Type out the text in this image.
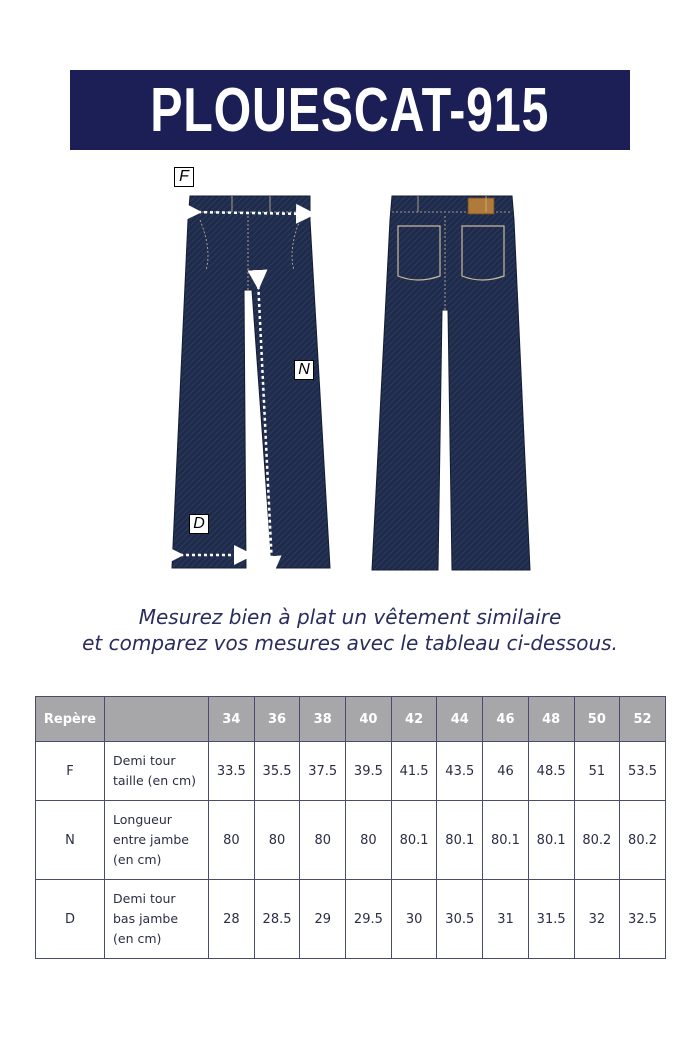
PLOUESCAT-915
F
N
D
Mesurez bien à plat un vêtement similaire
et comparez vos mesures avec le tableau ci-dessous.
Repère		34	36	38	40	42	44	46	48	50	52
F	Demi tour taille (en cm)	33.5	35.5	37.5	39.5	41.5	43.5	46	48.5	51	53.5
N	Longueur entre jambe (en cm)	80	80	80	80	80.1	80.1	80.1	80.1	80.2	80.2
D	Demi tour bas jambe (en cm)	28	28.5	29	29.5	30	30.5	31	31.5	32	32.5
